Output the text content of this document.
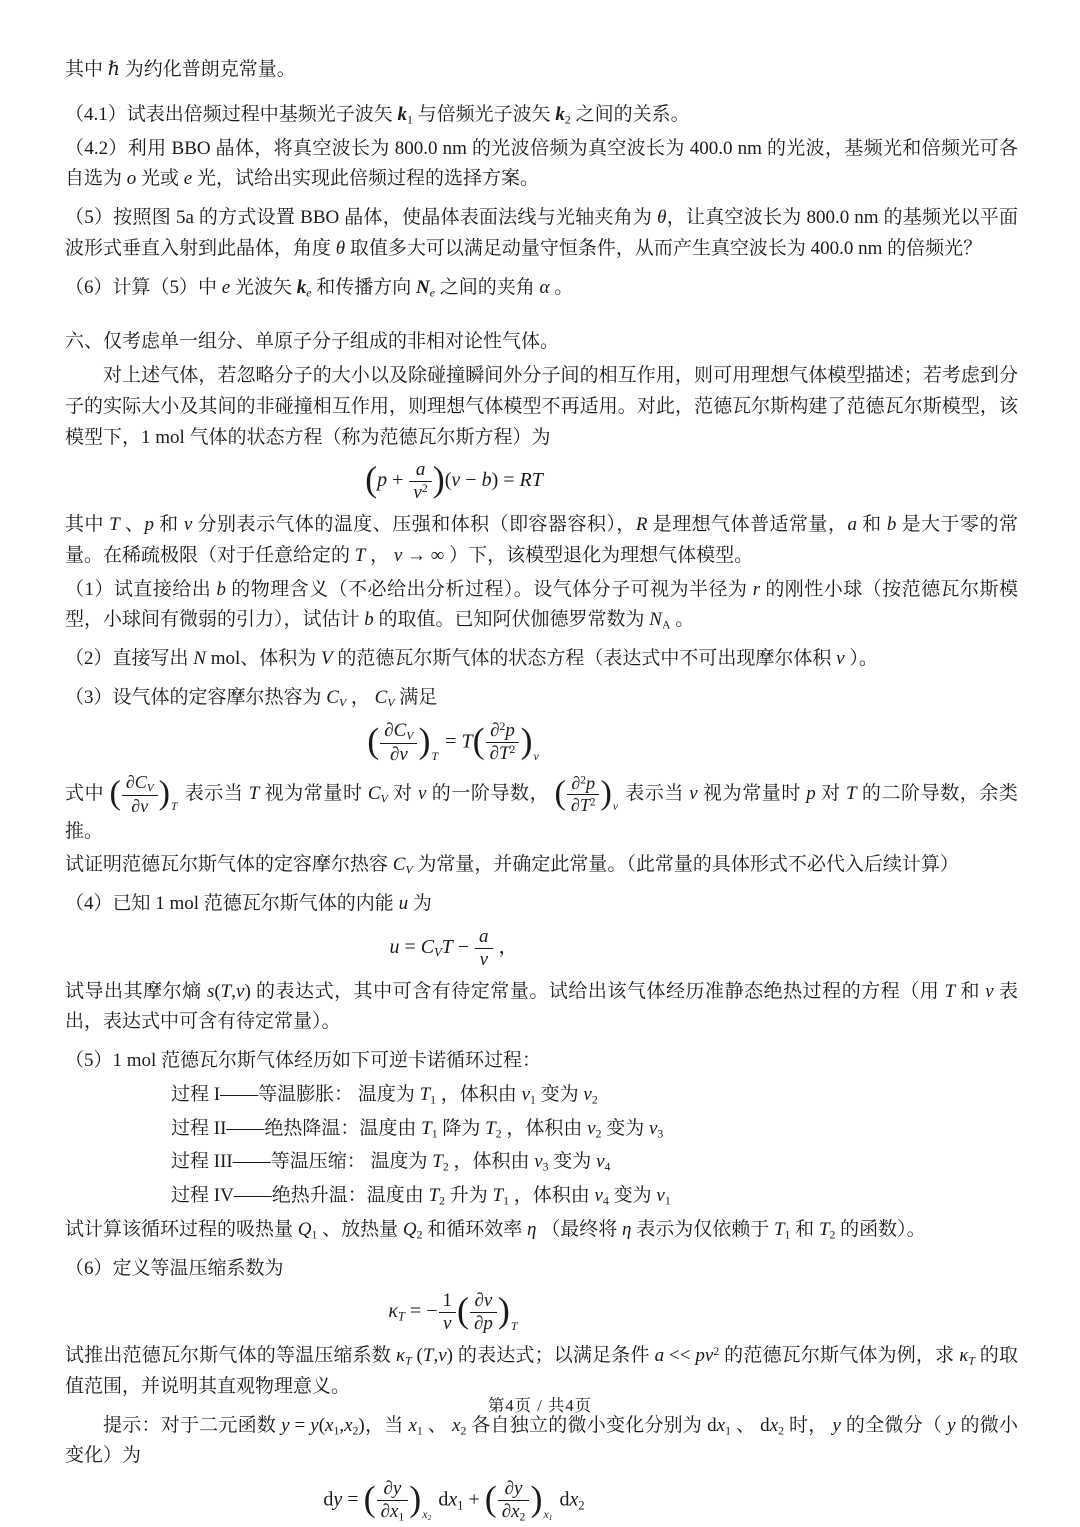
其中 ℏ 为约化普朗克常量。
（4.1）试表出倍频过程中基频光子波矢 k1 与倍频光子波矢 k2 之间的关系。
（4.2）利用 BBO 晶体，将真空波长为 800.0 nm 的光波倍频为真空波长为 400.0 nm 的光波，基频光和倍频光可各自选为 o 光或 e 光，试给出实现此倍频过程的选择方案。
（5）按照图 5a 的方式设置 BBO 晶体，使晶体表面法线与光轴夹角为 θ，让真空波长为 800.0 nm 的基频光以平面波形式垂直入射到此晶体，角度 θ 取值多大可以满足动量守恒条件，从而产生真空波长为 400.0 nm 的倍频光？
（6）计算（5）中 e 光波矢 ke 和传播方向 Ne 之间的夹角 α 。
六、仅考虑单一组分、单原子分子组成的非相对论性气体。
对上述气体，若忽略分子的大小以及除碰撞瞬间外分子间的相互作用，则可用理想气体模型描述；若考虑到分子的实际大小及其间的非碰撞相互作用，则理想气体模型不再适用。对此，范德瓦尔斯构建了范德瓦尔斯模型，该模型下，1 mol 气体的状态方程（称为范德瓦尔斯方程）为
$(p + \frac{a}{v^2} )(v - b)$ = RT
其中 T 、p 和 v 分别表示气体的温度、压强和体积（即容器容积），R 是理想气体普适常量，a 和 b 是大于零的常量。在稀疏极限（对于任意给定的 T ， v → ∞ ）下，该模型退化为理想气体模型。
（1）试直接给出 b 的物理含义（不必给出分析过程）。设气体分子可视为半径为 r 的刚性小球（按范德瓦尔斯模型，小球间有微弱的引力），试估计 b 的取值。已知阿伏伽德罗常数为 NA 。
（2）直接写出 N mol、体积为 V 的范德瓦尔斯气体的状态方程（表达式中不可出现摩尔体积 v ）。
（3）设气体的定容摩尔热容为 CV ， CV 满足
( $\frac{\partial CV}{\partial v} )_T = T( \frac{\partial^2p}{\partial T^2} )_v$
式中 ( $\frac{\partial CV}{\partial v} )_T$ 表示当 T 视为常量时 CV 对 v 的一阶导数， ( $\frac{\partial^2p}{\partial T^2} )_v$ 表示当 v 视为常量时 p 对 T 的二阶导数，余类推。
试证明范德瓦尔斯气体的定容摩尔热容 CV 为常量，并确定此常量。（此常量的具体形式不必代入后续计算）
（4）已知 1 mol 范德瓦尔斯气体的内能 u 为
u = CVT − $\frac{a}{v}$ ，
试导出其摩尔熵 s(T,v) 的表达式，其中可含有待定常量。试给出该气体经历准静态绝热过程的方程（用 T 和 v 表出，表达式中可含有待定常量）。
（5）1 mol 范德瓦尔斯气体经历如下可逆卡诺循环过程：
过程 I——等温膨胀： 温度为 T1 ，体积由 v1 变为 v2
过程 II——绝热降温：温度由 T1 降为 T2 ，体积由 v2 变为 v3
过程 III——等温压缩： 温度为 T2 ，体积由 v3 变为 v4
过程 IV——绝热升温：温度由 T2 升为 T1 ，体积由 v4 变为 v1
试计算该循环过程的吸热量 Q1 、放热量 Q2 和循环效率 η （最终将 η 表示为仅依赖于 T1 和 T2 的函数）。
（6）定义等温压缩系数为
κT = − $\frac{1}{v}$ ( $\frac{\partial v}{\partial p} )_T$
试推出范德瓦尔斯气体的等温压缩系数 κT (T,v) 的表达式；以满足条件 $a << pv^2$ 的范德瓦尔斯气体为例，求 κT 的取值范围，并说明其直观物理意义。
提示：对于二元函数 y = y(x1,x2)，当 x1 、 x2 各自独立的微小变化分别为 dx1 、 dx2 时， y 的全微分（ y 的微小变化）为
dy = ( $\frac{\partial y}{\partial x1} )_{x2}$ dx1 + ( $\frac{\partial y}{\partial x2} )_{x1}$ dx2
第4页 / 共4页
